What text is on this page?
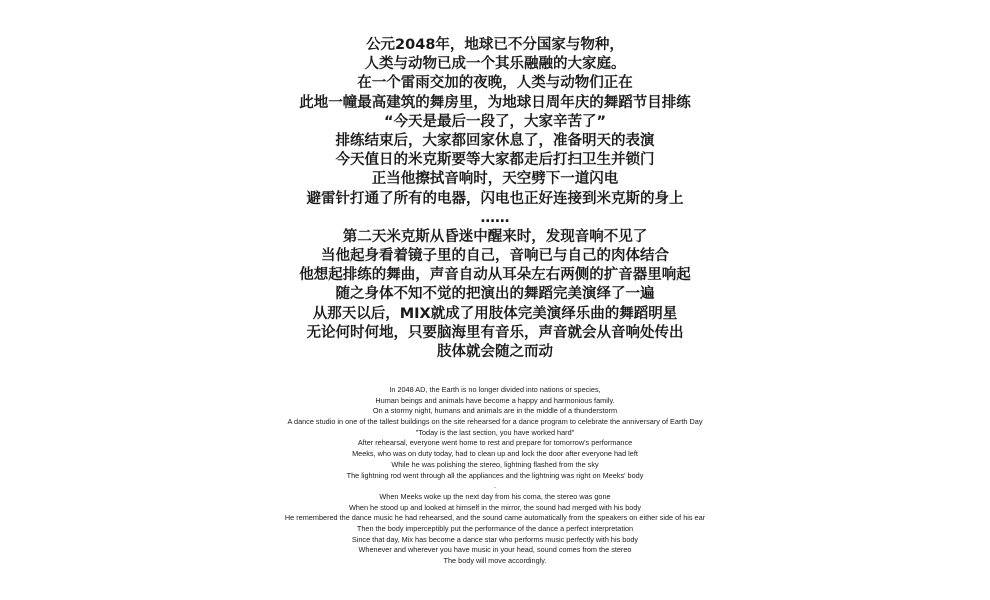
公元2048年，地球已不分国家与物种，
人类与动物已成一个其乐融融的大家庭。
在一个雷雨交加的夜晚，人类与动物们正在
此地一幢最高建筑的舞房里，为地球日周年庆的舞蹈节目排练
“今天是最后一段了，大家辛苦了”
排练结束后，大家都回家休息了，准备明天的表演
今天值日的米克斯要等大家都走后打扫卫生并锁门
正当他擦拭音响时，天空劈下一道闪电
避雷针打通了所有的电器，闪电也正好连接到米克斯的身上
……
第二天米克斯从昏迷中醒来时，发现音响不见了
当他起身看着镜子里的自己，音响已与自己的肉体结合
他想起排练的舞曲，声音自动从耳朵左右两侧的扩音器里响起
随之身体不知不觉的把演出的舞蹈完美演绎了一遍
从那天以后，MIX就成了用肢体完美演绎乐曲的舞蹈明星
无论何时何地，只要脑海里有音乐，声音就会从音响处传出
肢体就会随之而动
In 2048 AD, the Earth is no longer divided into nations or species,
Human beings and animals have become a happy and harmonious family.
On a stormy night, humans and animals are in the middle of a thunderstorm
A dance studio in one of the tallest buildings on the site rehearsed for a dance program to celebrate the anniversary of Earth Day
"Today is the last section, you have worked hard"
After rehearsal, everyone went home to rest and prepare for tomorrow's performance
Meeks, who was on duty today, had to clean up and lock the door after everyone had left
While he was polishing the stereo, lightning flashed from the sky
The lightning rod went through all the appliances and the lightning was right on Meeks' body
.
When Meeks woke up the next day from his coma, the stereo was gone
When he stood up and looked at himself in the mirror, the sound had merged with his body
He remembered the dance music he had rehearsed, and the sound came automatically from the speakers on either side of his ear
Then the body imperceptibly put the performance of the dance a perfect interpretation
Since that day, Mix has become a dance star who performs music perfectly with his body
Whenever and wherever you have music in your head, sound comes from the stereo
The body will move accordingly.
